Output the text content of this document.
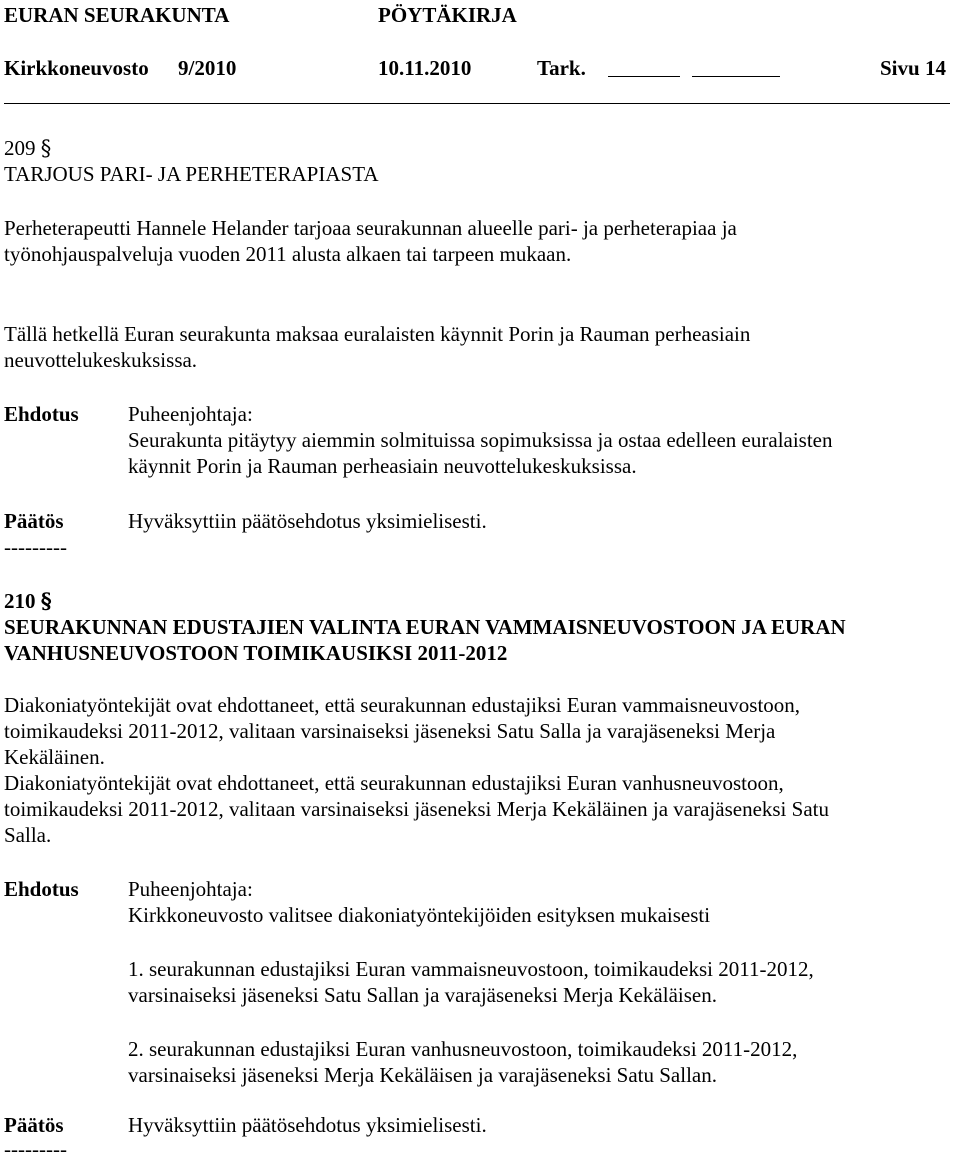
EURAN SEURAKUNTA	PÖYTÄKIRJA
Kirkkoneuvosto 9/2010	10.11.2010	Tark.	Sivu 14
209 §
TARJOUS PARI- JA PERHETERAPIASTA
Perheterapeutti Hannele Helander tarjoaa seurakunnan alueelle pari- ja perheterapiaa ja
työnohjauspalveluja vuoden 2011 alusta alkaen tai tarpeen mukaan.
Tällä hetkellä Euran seurakunta maksaa euralaisten käynnit Porin ja Rauman perheasiain
neuvottelukeskuksissa.
Ehdotus Puheenjohtaja:
Seurakunta pitäytyy aiemmin solmituissa sopimuksissa ja ostaa edelleen euralaisten
käynnit Porin ja Rauman perheasiain neuvottelukeskuksissa.
Päätös	Hyväksyttiin päätösehdotus yksimielisesti.
---------
210 §
SEURAKUNNAN EDUSTAJIEN VALINTA EURAN VAMMAISNEUVOSTOON JA EURAN
VANHUSNEUVOSTOON TOIMIKAUSIKSI 2011-2012
Diakoniatyöntekijät ovat ehdottaneet, että seurakunnan edustajiksi Euran vammaisneuvostoon,
toimikaudeksi 2011-2012, valitaan varsinaiseksi jäseneksi Satu Salla ja varajäseneksi Merja
Kekäläinen.
Diakoniatyöntekijät ovat ehdottaneet, että seurakunnan edustajiksi Euran vanhusneuvostoon,
toimikaudeksi 2011-2012, valitaan varsinaiseksi jäseneksi Merja Kekäläinen ja varajäseneksi Satu
Salla.
Ehdotus Puheenjohtaja:
Kirkkoneuvosto valitsee diakoniatyöntekijöiden esityksen mukaisesti
1. seurakunnan edustajiksi Euran vammaisneuvostoon, toimikaudeksi 2011-2012,
varsinaiseksi jäseneksi Satu Sallan ja varajäseneksi Merja Kekäläisen.
2. seurakunnan edustajiksi Euran vanhusneuvostoon, toimikaudeksi 2011-2012,
varsinaiseksi jäseneksi Merja Kekäläisen ja varajäseneksi Satu Sallan.
Päätös	Hyväksyttiin päätösehdotus yksimielisesti.
---------
